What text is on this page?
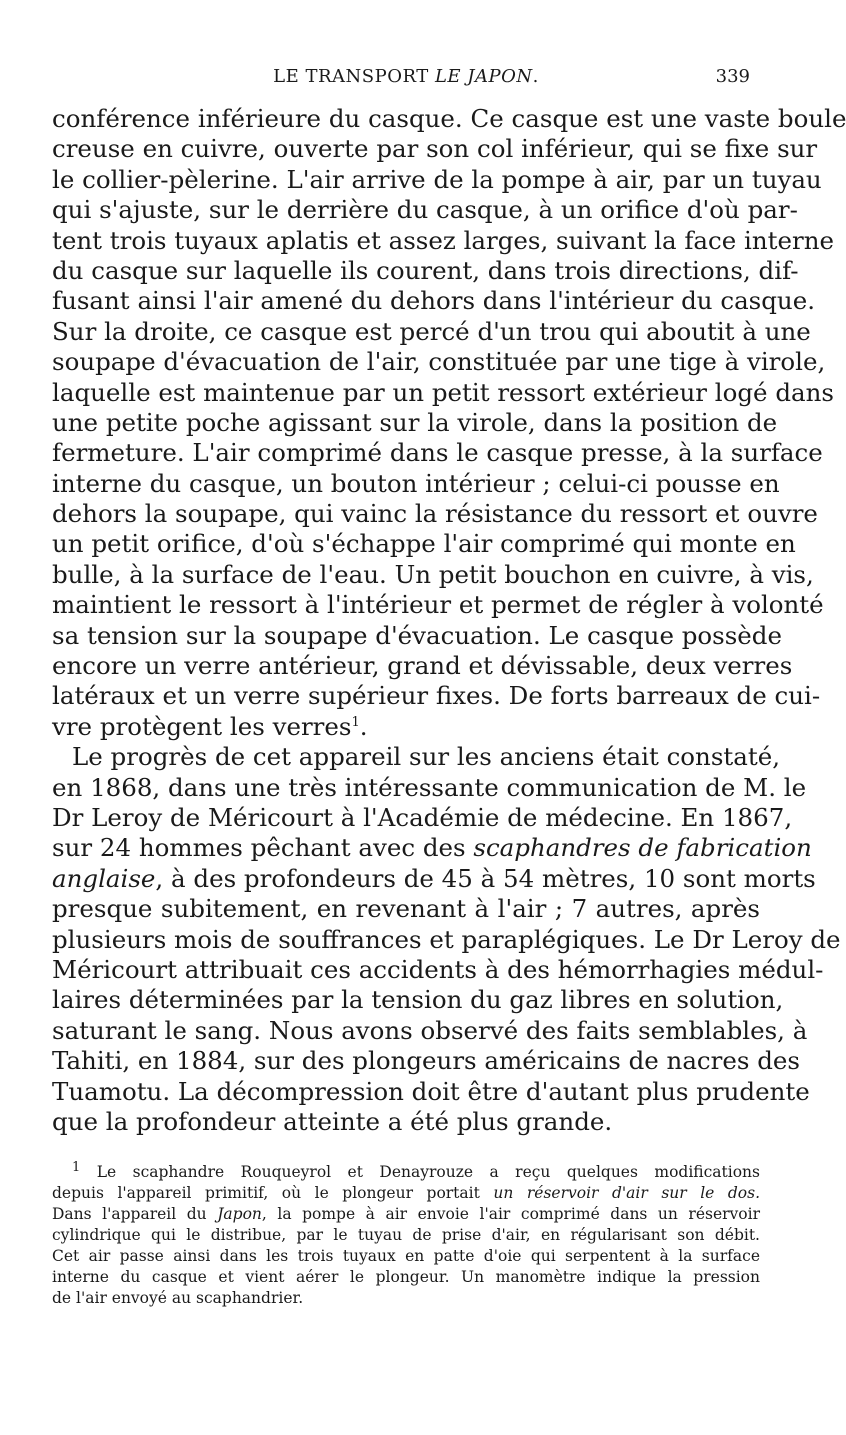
LE TRANSPORT LE JAPON.	339
conférence inférieure du casque. Ce casque est une vaste boule
creuse en cuivre, ouverte par son col inférieur, qui se fixe sur
le collier-pèlerine. L'air arrive de la pompe à air, par un tuyau
qui s'ajuste, sur le derrière du casque, à un orifice d'où par-
tent trois tuyaux aplatis et assez larges, suivant la face interne
du casque sur laquelle ils courent, dans trois directions, dif-
fusant ainsi l'air amené du dehors dans l'intérieur du casque.
Sur la droite, ce casque est percé d'un trou qui aboutit à une
soupape d'évacuation de l'air, constituée par une tige à virole,
laquelle est maintenue par un petit ressort extérieur logé dans
une petite poche agissant sur la virole, dans la position de
fermeture. L'air comprimé dans le casque presse, à la surface
interne du casque, un bouton intérieur ; celui-ci pousse en
dehors la soupape, qui vainc la résistance du ressort et ouvre
un petit orifice, d'où s'échappe l'air comprimé qui monte en
bulle, à la surface de l'eau. Un petit bouchon en cuivre, à vis,
maintient le ressort à l'intérieur et permet de régler à volonté
sa tension sur la soupape d'évacuation. Le casque possède
encore un verre antérieur, grand et dévissable, deux verres
latéraux et un verre supérieur fixes. De forts barreaux de cui-
vre protègent les verres$^1$.
Le progrès de cet appareil sur les anciens était constaté,
en 1868, dans une très intéressante communication de M. le
Dr Leroy de Méricourt à l'Académie de médecine. En 1867,
sur 24 hommes pêchant avec des scaphandres de fabrication
anglaise, à des profondeurs de 45 à 54 mètres, 10 sont morts
presque subitement, en revenant à l'air ; 7 autres, après
plusieurs mois de souffrances et paraplégiques. Le Dr Leroy de
Méricourt attribuait ces accidents à des hémorrhagies médul-
laires déterminées par la tension du gaz libres en solution,
saturant le sang. Nous avons observé des faits semblables, à
Tahiti, en 1884, sur des plongeurs américains de nacres des
Tuamotu. La décompression doit être d'autant plus prudente
que la profondeur atteinte a été plus grande.
$^1$ Le scaphandre Rouqueyrol et Denayrouze a reçu quelques modifications
depuis l'appareil primitif, où le plongeur portait un réservoir d'air sur le dos.
Dans l'appareil du Japon, la pompe à air envoie l'air comprimé dans un réservoir
cylindrique qui le distribue, par le tuyau de prise d'air, en régularisant son débit.
Cet air passe ainsi dans les trois tuyaux en patte d'oie qui serpentent à la surface
interne du casque et vient aérer le plongeur. Un manomètre indique la pression
de l'air envoyé au scaphandrier.
